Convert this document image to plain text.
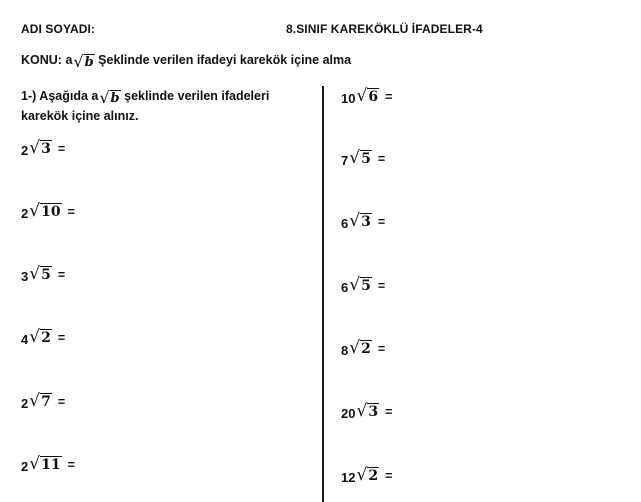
ADI SOYADI:	8.SINIF KAREKÖKLÜ İFADELER-4
KONU: a √ b Şeklinde verilen ifadeyi karekök içine alma
1-) Aşağıda a √ b şeklinde verilen ifadeleri
karekök içine alınız.
2 √ 3 =
2 √ 10 =
3 √ 5 =
4 √ 2 =
2 √ 7 =
2 √ 11 =
10 √ 6 =
7 √ 5 =
6 √ 3 =
6 √ 5 =
8 √ 2 =
20 √ 3 =
12 √ 2 =
